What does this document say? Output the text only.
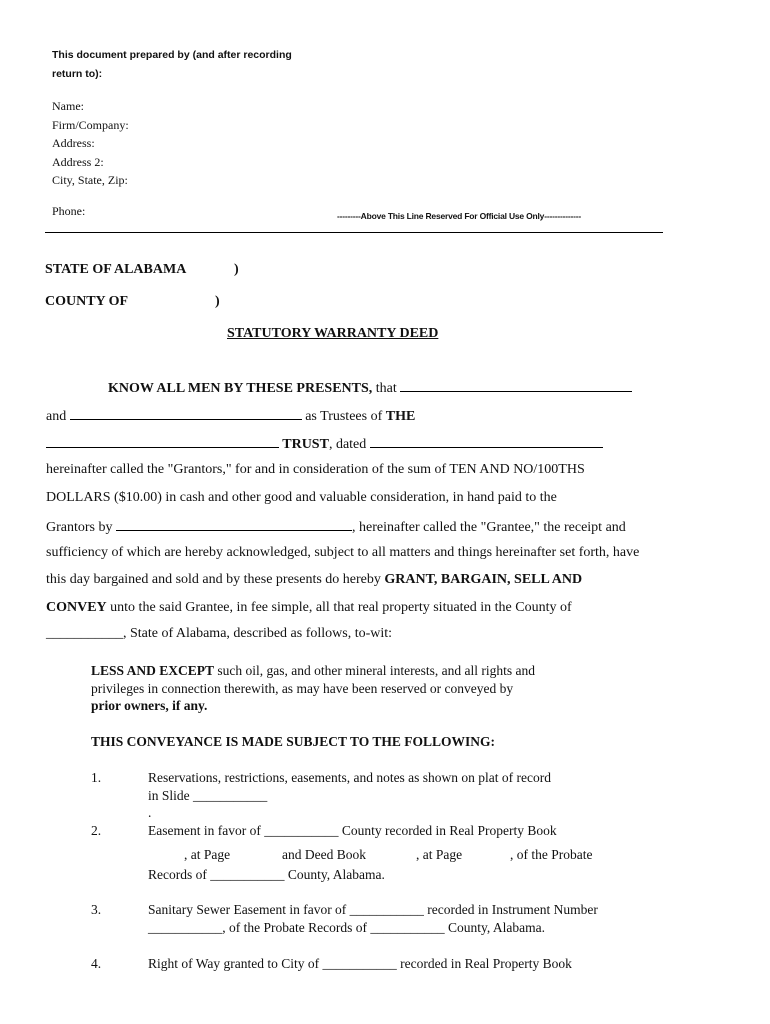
This document prepared by (and after recording
return to):
Name:
Firm/Company:
Address:
Address 2:
City, State, Zip:
Phone:	---------Above This Line Reserved For Official Use Only--------------
STATE OF ALABAMA	)
COUNTY OF	)
STATUTORY WARRANTY DEED
KNOW ALL MEN BY THESE PRESENTS, that
and	as Trustees of THE
TRUST, dated
hereinafter called the "Grantors," for and in consideration of the sum of TEN AND NO/100THS
DOLLARS ($10.00) in cash and other good and valuable consideration, in hand paid to the
Grantors by	, hereinafter called the "Grantee," the receipt and
sufficiency of which are hereby acknowledged, subject to all matters and things hereinafter set forth, have
this day bargained and sold and by these presents do hereby GRANT, BARGAIN, SELL AND
CONVEY unto the said Grantee, in fee simple, all that real property situated in the County of
___________, State of Alabama, described as follows, to-wit:
LESS AND EXCEPT such oil, gas, and other mineral interests, and all rights and
privileges in connection therewith, as may have been reserved or conveyed by
prior owners, if any.
THIS CONVEYANCE IS MADE SUBJECT TO THE FOLLOWING:
1.	Reservations, restrictions, easements, and notes as shown on plat of record
in Slide ___________
.
2.	Easement in favor of ___________ County recorded in Real Property Book
, at Page	and Deed Book	, at Page	, of the Probate
Records of ___________ County, Alabama.
3.	Sanitary Sewer Easement in favor of ___________ recorded in Instrument Number
___________, of the Probate Records of ___________ County, Alabama.
4.	Right of Way granted to City of ___________ recorded in Real Property Book
